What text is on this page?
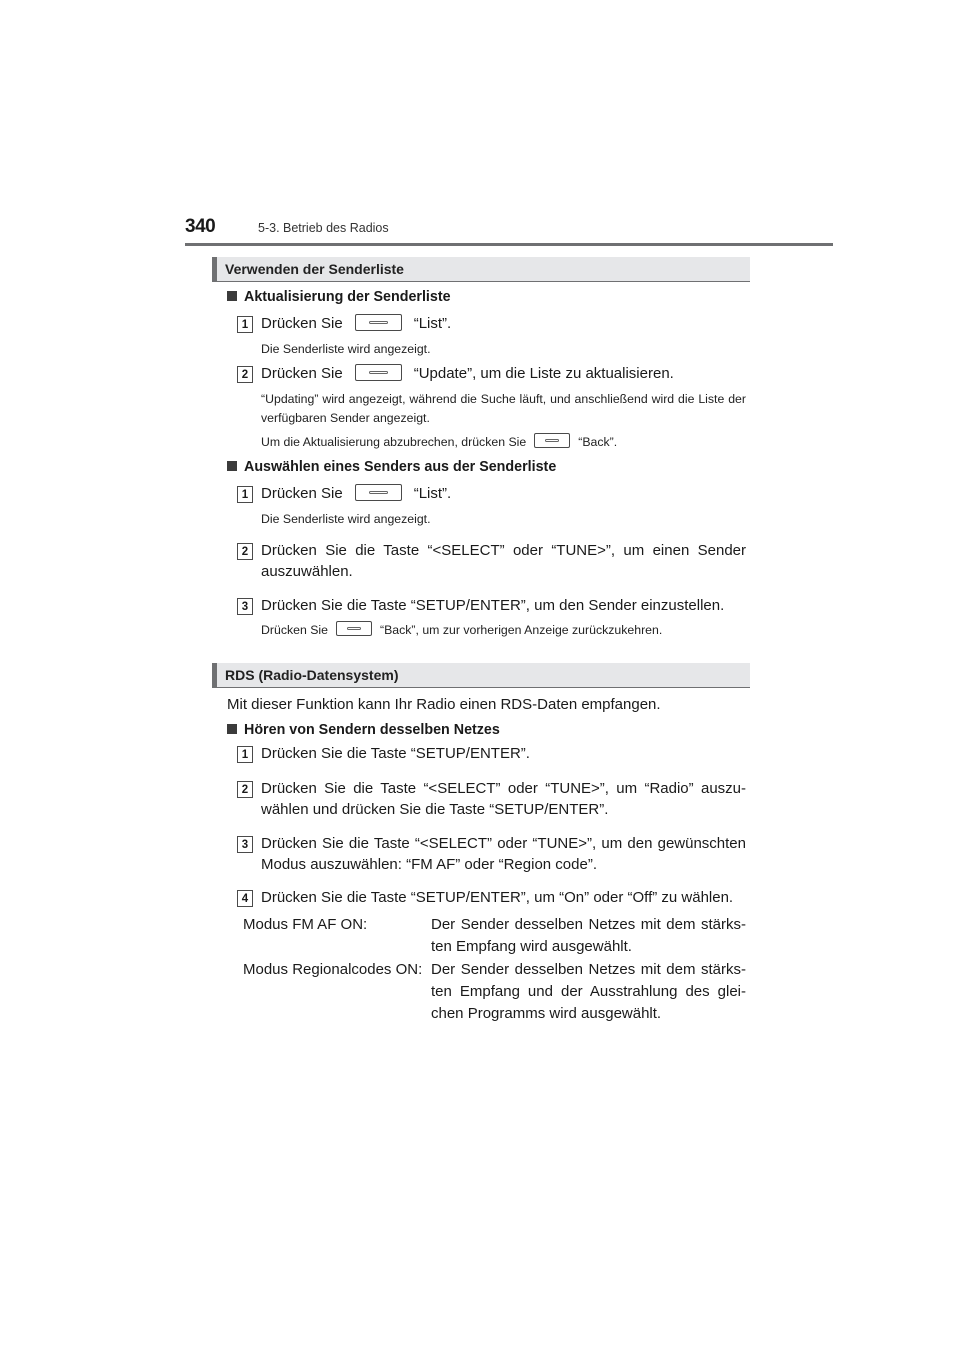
340	5-3. Betrieb des Radios
Verwenden der Senderliste
Aktualisierung der Senderliste
1 Drücken Sie	“List”.
Die Senderliste wird angezeigt.
2 Drücken Sie	“Update”, um die Liste zu aktualisieren.
“Updating” wird angezeigt, während die Suche läuft, und anschließend wird die Liste der verfügbaren Sender angezeigt.
Um die Aktualisierung abzubrechen, drücken Sie	“Back”.
Auswählen eines Senders aus der Senderliste
1 Drücken Sie	“List”.
Die Senderliste wird angezeigt.
2 Drücken Sie die Taste “<SELECT” oder “TUNE>”, um einen Sender auszuwählen.
3 Drücken Sie die Taste “SETUP/ENTER”, um den Sender einzustellen.
Drücken Sie	“Back”, um zur vorherigen Anzeige zurückzukehren.
RDS (Radio-Datensystem)
Mit dieser Funktion kann Ihr Radio einen RDS-Daten empfangen.
Hören von Sendern desselben Netzes
1 Drücken Sie die Taste “SETUP/ENTER”.
2 Drücken Sie die Taste “<SELECT” oder “TUNE>”, um “Radio” auszu-wählen und drücken Sie die Taste “SETUP/ENTER”.
3 Drücken Sie die Taste “<SELECT” oder “TUNE>”, um den gewünschten Modus auszuwählen: “FM AF” oder “Region code”.
4 Drücken Sie die Taste “SETUP/ENTER”, um “On” oder “Off” zu wählen.
Modus FM AF ON:	Der Sender desselben Netzes mit dem stärks-ten Empfang wird ausgewählt.
Modus Regionalcodes ON: Der Sender desselben Netzes mit dem stärks-ten Empfang und der Ausstrahlung des glei-chen Programms wird ausgewählt.
